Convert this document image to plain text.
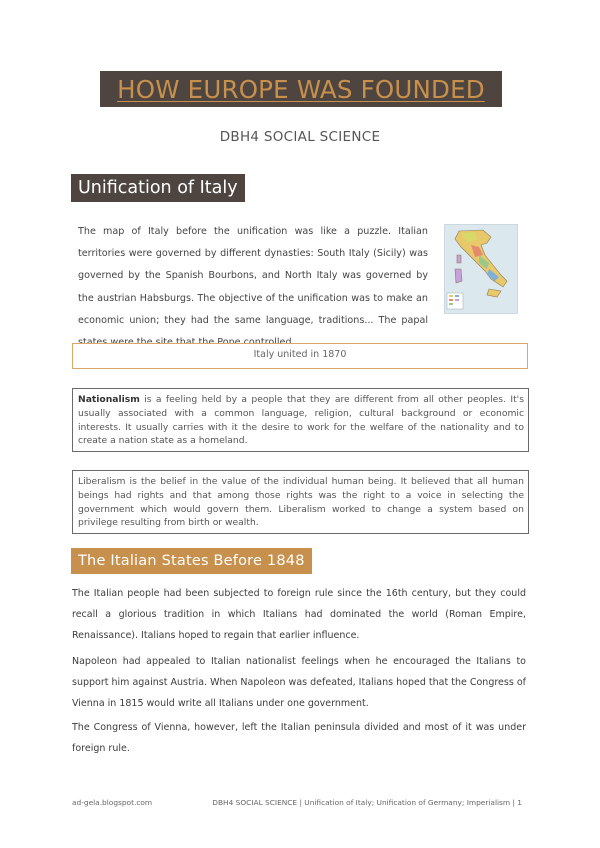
HOW EUROPE WAS FOUNDED
DBH4 SOCIAL SCIENCE
Unification of Italy
The map of Italy before the unification was like a puzzle. Italian territories were governed by different dynasties: South Italy (Sicily) was governed by the Spanish Bourbons, and North Italy was governed by the austrian Habsburgs. The objective of the unification was to make an economic union; they had the same language, traditions... The papal
Italy united in 1870
Nationalism is a feeling held by a people that they are different from all other peoples. It's usually associated with a common language, religion, cultural background or economic interests. It usually carries with it the desire to work for the welfare of the nationality and to create a nation state as a homeland.
Liberalism is the belief in the value of the individual human being. It believed that all human beings had rights and that among those rights was the right to a voice in selecting the government which would govern them. Liberalism worked to change a system based on privilege resulting from birth or wealth.
The Italian States Before 1848
The Italian people had been subjected to foreign rule since the 16th century, but they could recall a glorious tradition in which Italians had dominated the world (Roman Empire, Renaissance). Italians hoped to regain that earlier influence.
Napoleon had appealed to Italian nationalist feelings when he encouraged the Italians to support him against Austria. When Napoleon was defeated, Italians hoped that the Congress of Vienna in 1815 would write all Italians under one government.
The Congress of Vienna, however, left the Italian peninsula divided and most of it was under foreign rule.
ad-gela.blogspot.com	DBH4 SOCIAL SCIENCE | Unification of Italy; Unification of Germany; Imperialism | 1
